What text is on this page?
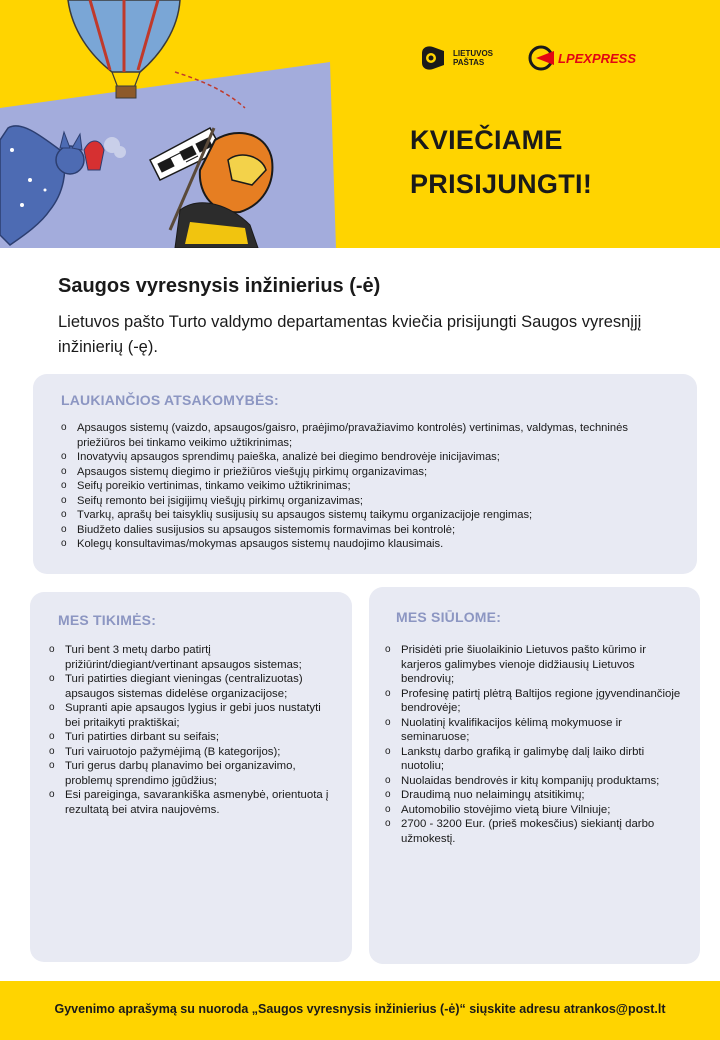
LIETUVOS
PAŠTAS	LPEXPRESS
KVIEČIAME
PRISIJUNGTI!
Saugos vyresnysis inžinierius (-ė)
Lietuvos pašto Turto valdymo departamentas kviečia prisijungti Saugos vyresnįjį inžinierių (-ę).
LAUKIANČIOS ATSAKOMYBĖS:
o Apsaugos sistemų (vaizdo, apsaugos/gaisro, praėjimo/pravažiavimo kontrolės) vertinimas, valdymas, techninės priežiūros bei tinkamo veikimo užtikrinimas;
o Inovatyvių apsaugos sprendimų paieška, analizė bei diegimo bendrovėje inicijavimas;
o Apsaugos sistemų diegimo ir priežiūros viešųjų pirkimų organizavimas;
o Seifų poreikio vertinimas, tinkamo veikimo užtikrinimas;
o Seifų remonto bei įsigijimų viešųjų pirkimų organizavimas;
o Tvarkų, aprašų bei taisyklių susijusių su apsaugos sistemų taikymu organizacijoje rengimas;
o Biudžeto dalies susijusios su apsaugos sistemomis formavimas bei kontrolė;
o Kolegų konsultavimas/mokymas apsaugos sistemų naudojimo klausimais.
MES TIKIMĖS:
o Turi bent 3 metų darbo patirtį prižiūrint/diegiant/vertinant apsaugos sistemas;
o Turi patirties diegiant vieningas (centralizuotas) apsaugos sistemas didelėse organizacijose;
o Supranti apie apsaugos lygius ir gebi juos nustatyti bei pritaikyti praktiškai;
o Turi patirties dirbant su seifais;
o Turi vairuotojo pažymėjimą (B kategorijos);
o Turi gerus darbų planavimo bei organizavimo, problemų sprendimo įgūdžius;
o Esi pareiginga, savarankiška asmenybė, orientuota į rezultatą bei atvira naujovėms.
MES SIŪLOME:
o Prisidėti prie šiuolaikinio Lietuvos pašto kūrimo ir karjeros galimybes vienoje didžiausių Lietuvos bendrovių;
o Profesinę patirtį plėtrą Baltijos regione įgyvendinančioje bendrovėje;
o Nuolatinį kvalifikacijos kėlimą mokymuose ir seminaruose;
o Lankstų darbo grafiką ir galimybę dalį laiko dirbti nuotoliu;
o Nuolaidas bendrovės ir kitų kompanijų produktams;
o Draudimą nuo nelaimingų atsitikimų;
o Automobilio stovėjimo vietą biure Vilniuje;
o 2700 - 3200 Eur. (prieš mokesčius) siekiantį darbo užmokestį.
Gyvenimo aprašymą su nuoroda „Saugos vyresnysis inžinierius (-ė)“ siųskite adresu atrankos@post.lt
